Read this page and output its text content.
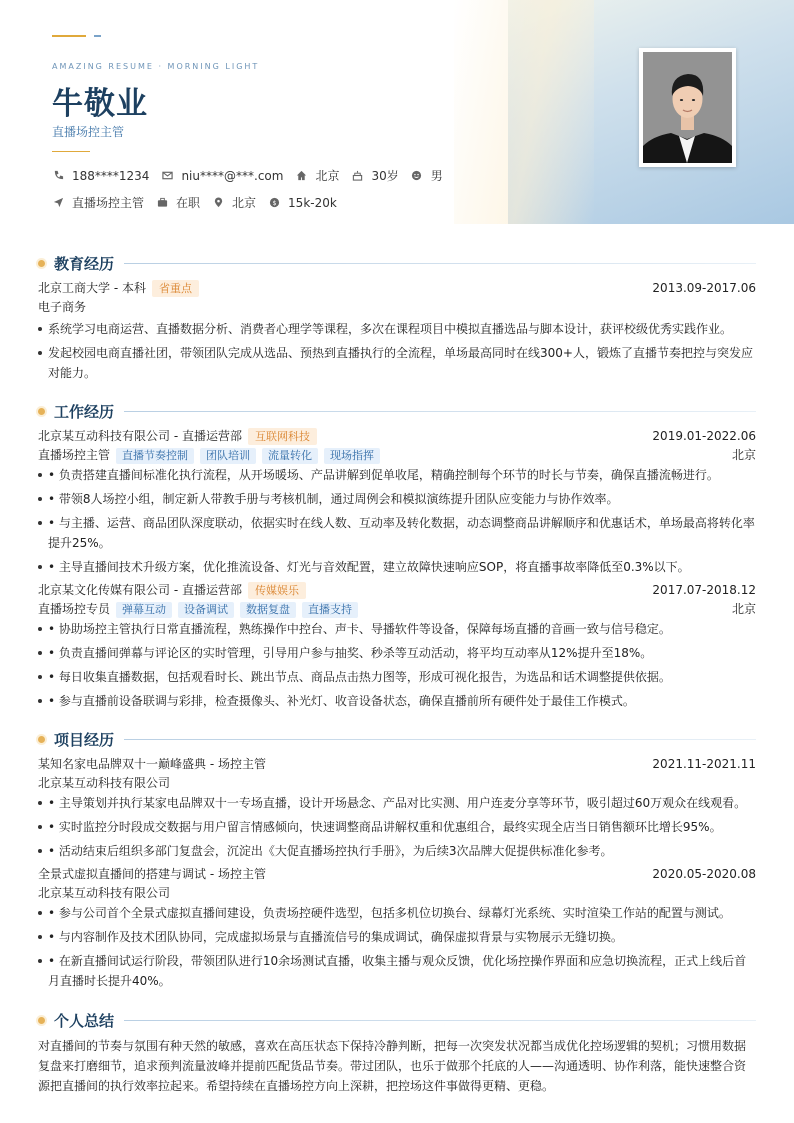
AMAZING RESUME · MORNING LIGHT
牛敬业
直播场控主管
188****1234	niu****@***.com	北京	30岁	男
直播场控主管	在职	北京 $ 15k-20k
教育经历
北京工商大学 - 本科	省重点	2013.09-2017.06
电子商务
系统学习电商运营、直播数据分析、消费者心理学等课程，多次在课程项目中模拟直播选品与脚本设计，获评校级优秀实践作业。
发起校园电商直播社团，带领团队完成从选品、预热到直播执行的全流程，单场最高同时在线300+人，锻炼了直播节奏把控与突发应对能力。
工作经历
北京某互动科技有限公司 - 直播运营部	互联网科技	2019.01-2022.06
直播场控主管	直播节奏控制	团队培训	流量转化	现场指挥	北京
• 负责搭建直播间标准化执行流程，从开场暖场、产品讲解到促单收尾，精确控制每个环节的时长与节奏，确保直播流畅进行。
• 带领8人场控小组，制定新人带教手册与考核机制，通过周例会和模拟演练提升团队应变能力与协作效率。
• 与主播、运营、商品团队深度联动，依据实时在线人数、互动率及转化数据，动态调整商品讲解顺序和优惠话术，单场最高将转化率提升25%。
• 主导直播间技术升级方案，优化推流设备、灯光与音效配置，建立故障快速响应SOP，将直播事故率降低至0.3%以下。
北京某文化传媒有限公司 - 直播运营部	传媒娱乐	2017.07-2018.12
直播场控专员	弹幕互动	设备调试	数据复盘	直播支持	北京
• 协助场控主管执行日常直播流程，熟练操作中控台、声卡、导播软件等设备，保障每场直播的音画一致与信号稳定。
• 负责直播间弹幕与评论区的实时管理，引导用户参与抽奖、秒杀等互动活动，将平均互动率从12%提升至18%。
• 每日收集直播数据，包括观看时长、跳出节点、商品点击热力图等，形成可视化报告，为选品和话术调整提供依据。
• 参与直播前设备联调与彩排，检查摄像头、补光灯、收音设备状态，确保直播前所有硬件处于最佳工作模式。
项目经历
某知名家电品牌双十一巅峰盛典 - 场控主管	2021.11-2021.11
北京某互动科技有限公司
• 主导策划并执行某家电品牌双十一专场直播，设计开场悬念、产品对比实测、用户连麦分享等环节，吸引超过60万观众在线观看。
• 实时监控分时段成交数据与用户留言情感倾向，快速调整商品讲解权重和优惠组合，最终实现全店当日销售额环比增长95%。
• 活动结束后组织多部门复盘会，沉淀出《大促直播场控执行手册》，为后续3次品牌大促提供标准化参考。
全景式虚拟直播间的搭建与调试 - 场控主管	2020.05-2020.08
北京某互动科技有限公司
• 参与公司首个全景式虚拟直播间建设，负责场控硬件选型，包括多机位切换台、绿幕灯光系统、实时渲染工作站的配置与测试。
• 与内容制作及技术团队协同，完成虚拟场景与直播流信号的集成调试，确保虚拟背景与实物展示无缝切换。
• 在新直播间试运行阶段，带领团队进行10余场测试直播，收集主播与观众反馈，优化场控操作界面和应急切换流程，正式上线后首月直播时长提升40%。
个人总结

对直播间的节奏与氛围有种天然的敏感，喜欢在高压状态下保持冷静判断，把每一次突发状况都当成优化控场逻辑的契机；习惯用数据复盘来打磨细节，追求预判流量波峰并提前匹配货品节奏。带过团队，也乐于做那个托底的人——沟通透明、协作利落，能快速整合资源把直播间的执行效率拉起来。希望持续在直播场控方向上深耕，把控场这件事做得更精、更稳。
